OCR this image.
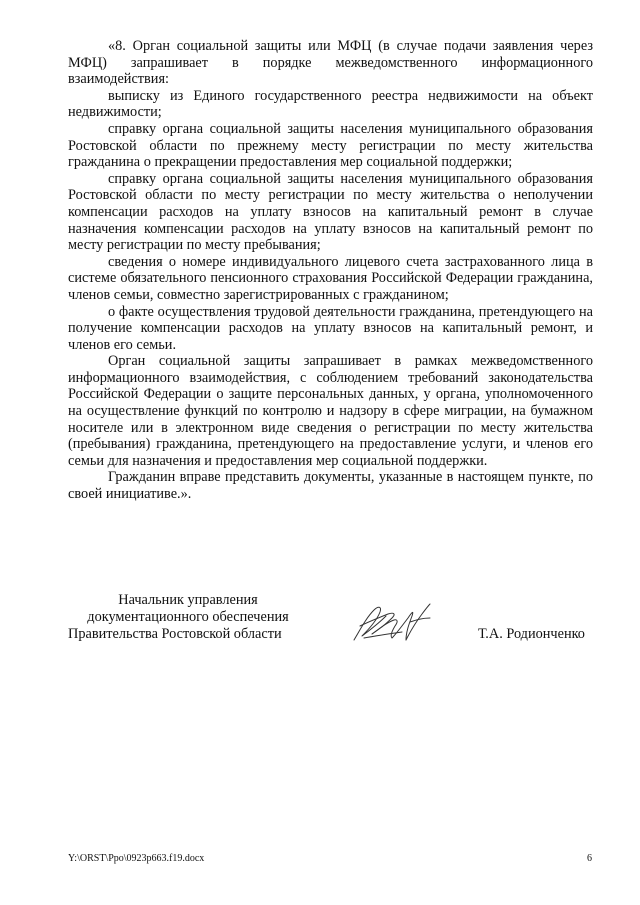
«8. Орган социальной защиты или МФЦ (в случае подачи заявления через МФЦ) запрашивает в порядке межведомственного информационного взаимодействия:

выписку из Единого государственного реестра недвижимости на объект недвижимости;

справку органа социальной защиты населения муниципального образования Ростовской области по прежнему месту регистрации по месту жительства гражданина о прекращении предоставления мер социальной поддержки;

справку органа социальной защиты населения муниципального образования Ростовской области по месту регистрации по месту жительства о неполучении компенсации расходов на уплату взносов на капитальный ремонт в случае назначения компенсации расходов на уплату взносов на капитальный ремонт по месту регистрации по месту пребывания;

сведения о номере индивидуального лицевого счета застрахованного лица в системе обязательного пенсионного страхования Российской Федерации гражданина, членов семьи, совместно зарегистрированных с гражданином;

о факте осуществления трудовой деятельности гражданина, претендующего на получение компенсации расходов на уплату взносов на капитальный ремонт, и членов его семьи.

Орган социальной защиты запрашивает в рамках межведомственного информационного взаимодействия, с соблюдением требований законодательства Российской Федерации о защите персональных данных, у органа, уполномоченного на осуществление функций по контролю и надзору в сфере миграции, на бумажном носителе или в электронном виде сведения о регистрации по месту жительства (пребывания) гражданина, претендующего на предоставление услуги, и членов его семьи для назначения и предоставления мер социальной поддержки.

Гражданин вправе представить документы, указанные в настоящем пункте, по своей инициативе.».

Начальник управления
документационного обеспечения
Правительства Ростовской области	Т.А. Родионченко
Y:\ORST\Ppo\0923p663.f19.docx	6
